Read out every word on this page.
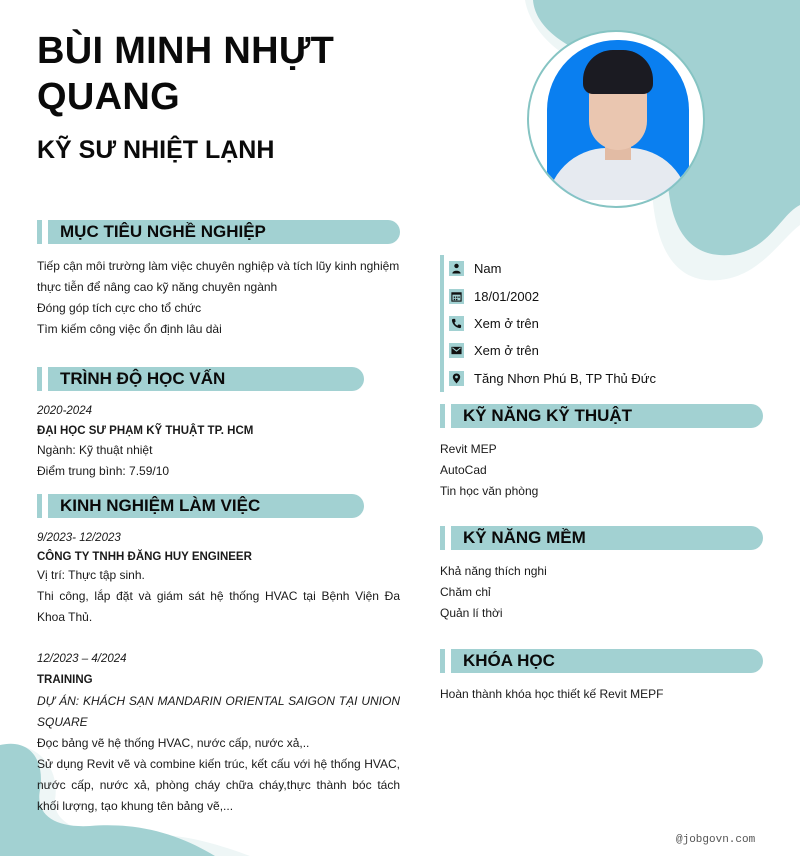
BÙI MINH NHỰT
QUANG
KỸ SƯ NHIỆT LẠNH
MỤC TIÊU NGHỀ NGHIỆP
Tiếp cận môi trường làm việc chuyên nghiệp và tích lũy kinh nghiệm
thực tiễn để nâng cao kỹ năng chuyên ngành
Đóng góp tích cực cho tổ chức
Tìm kiếm công việc ổn định lâu dài
TRÌNH ĐỘ HỌC VẤN
2020-2024
ĐẠI HỌC SƯ PHẠM KỸ THUẬT TP. HCM
Ngành: Kỹ thuật nhiệt
Điểm trung bình: 7.59/10
KINH NGHIỆM LÀM VIỆC
9/2023- 12/2023
CÔNG TY TNHH ĐĂNG HUY ENGINEER
Vị trí: Thực tập sinh.
Thi công, lắp đặt và giám sát hệ thống HVAC tại Bệnh Viện Đa Khoa Thủ.
12/2023 – 4/2024
TRAINING
DỰ ÁN: KHÁCH SẠN MANDARIN ORIENTAL SAIGON TẠI UNION SQUARE
Đọc bảng vẽ hệ thống HVAC, nước cấp, nước xả,..
Sử dụng Revit vẽ và combine kiến trúc, kết cấu với hệ thống HVAC, nước cấp, nước xả, phòng cháy chữa cháy,thực thành bóc tách khối lượng, tạo khung tên bảng vẽ,...
Nam
18/01/2002
Xem ở trên
Xem ở trên
Tăng Nhơn Phú B, TP Thủ Đức
KỸ NĂNG KỸ THUẬT
Revit MEP
AutoCad
Tin học văn phòng
KỸ NĂNG MỀM
Khả năng thích nghi
Chăm chỉ
Quản lí thời
KHÓA HỌC
Hoàn thành khóa học thiết kế Revit MEPF
@jobgovn.com
